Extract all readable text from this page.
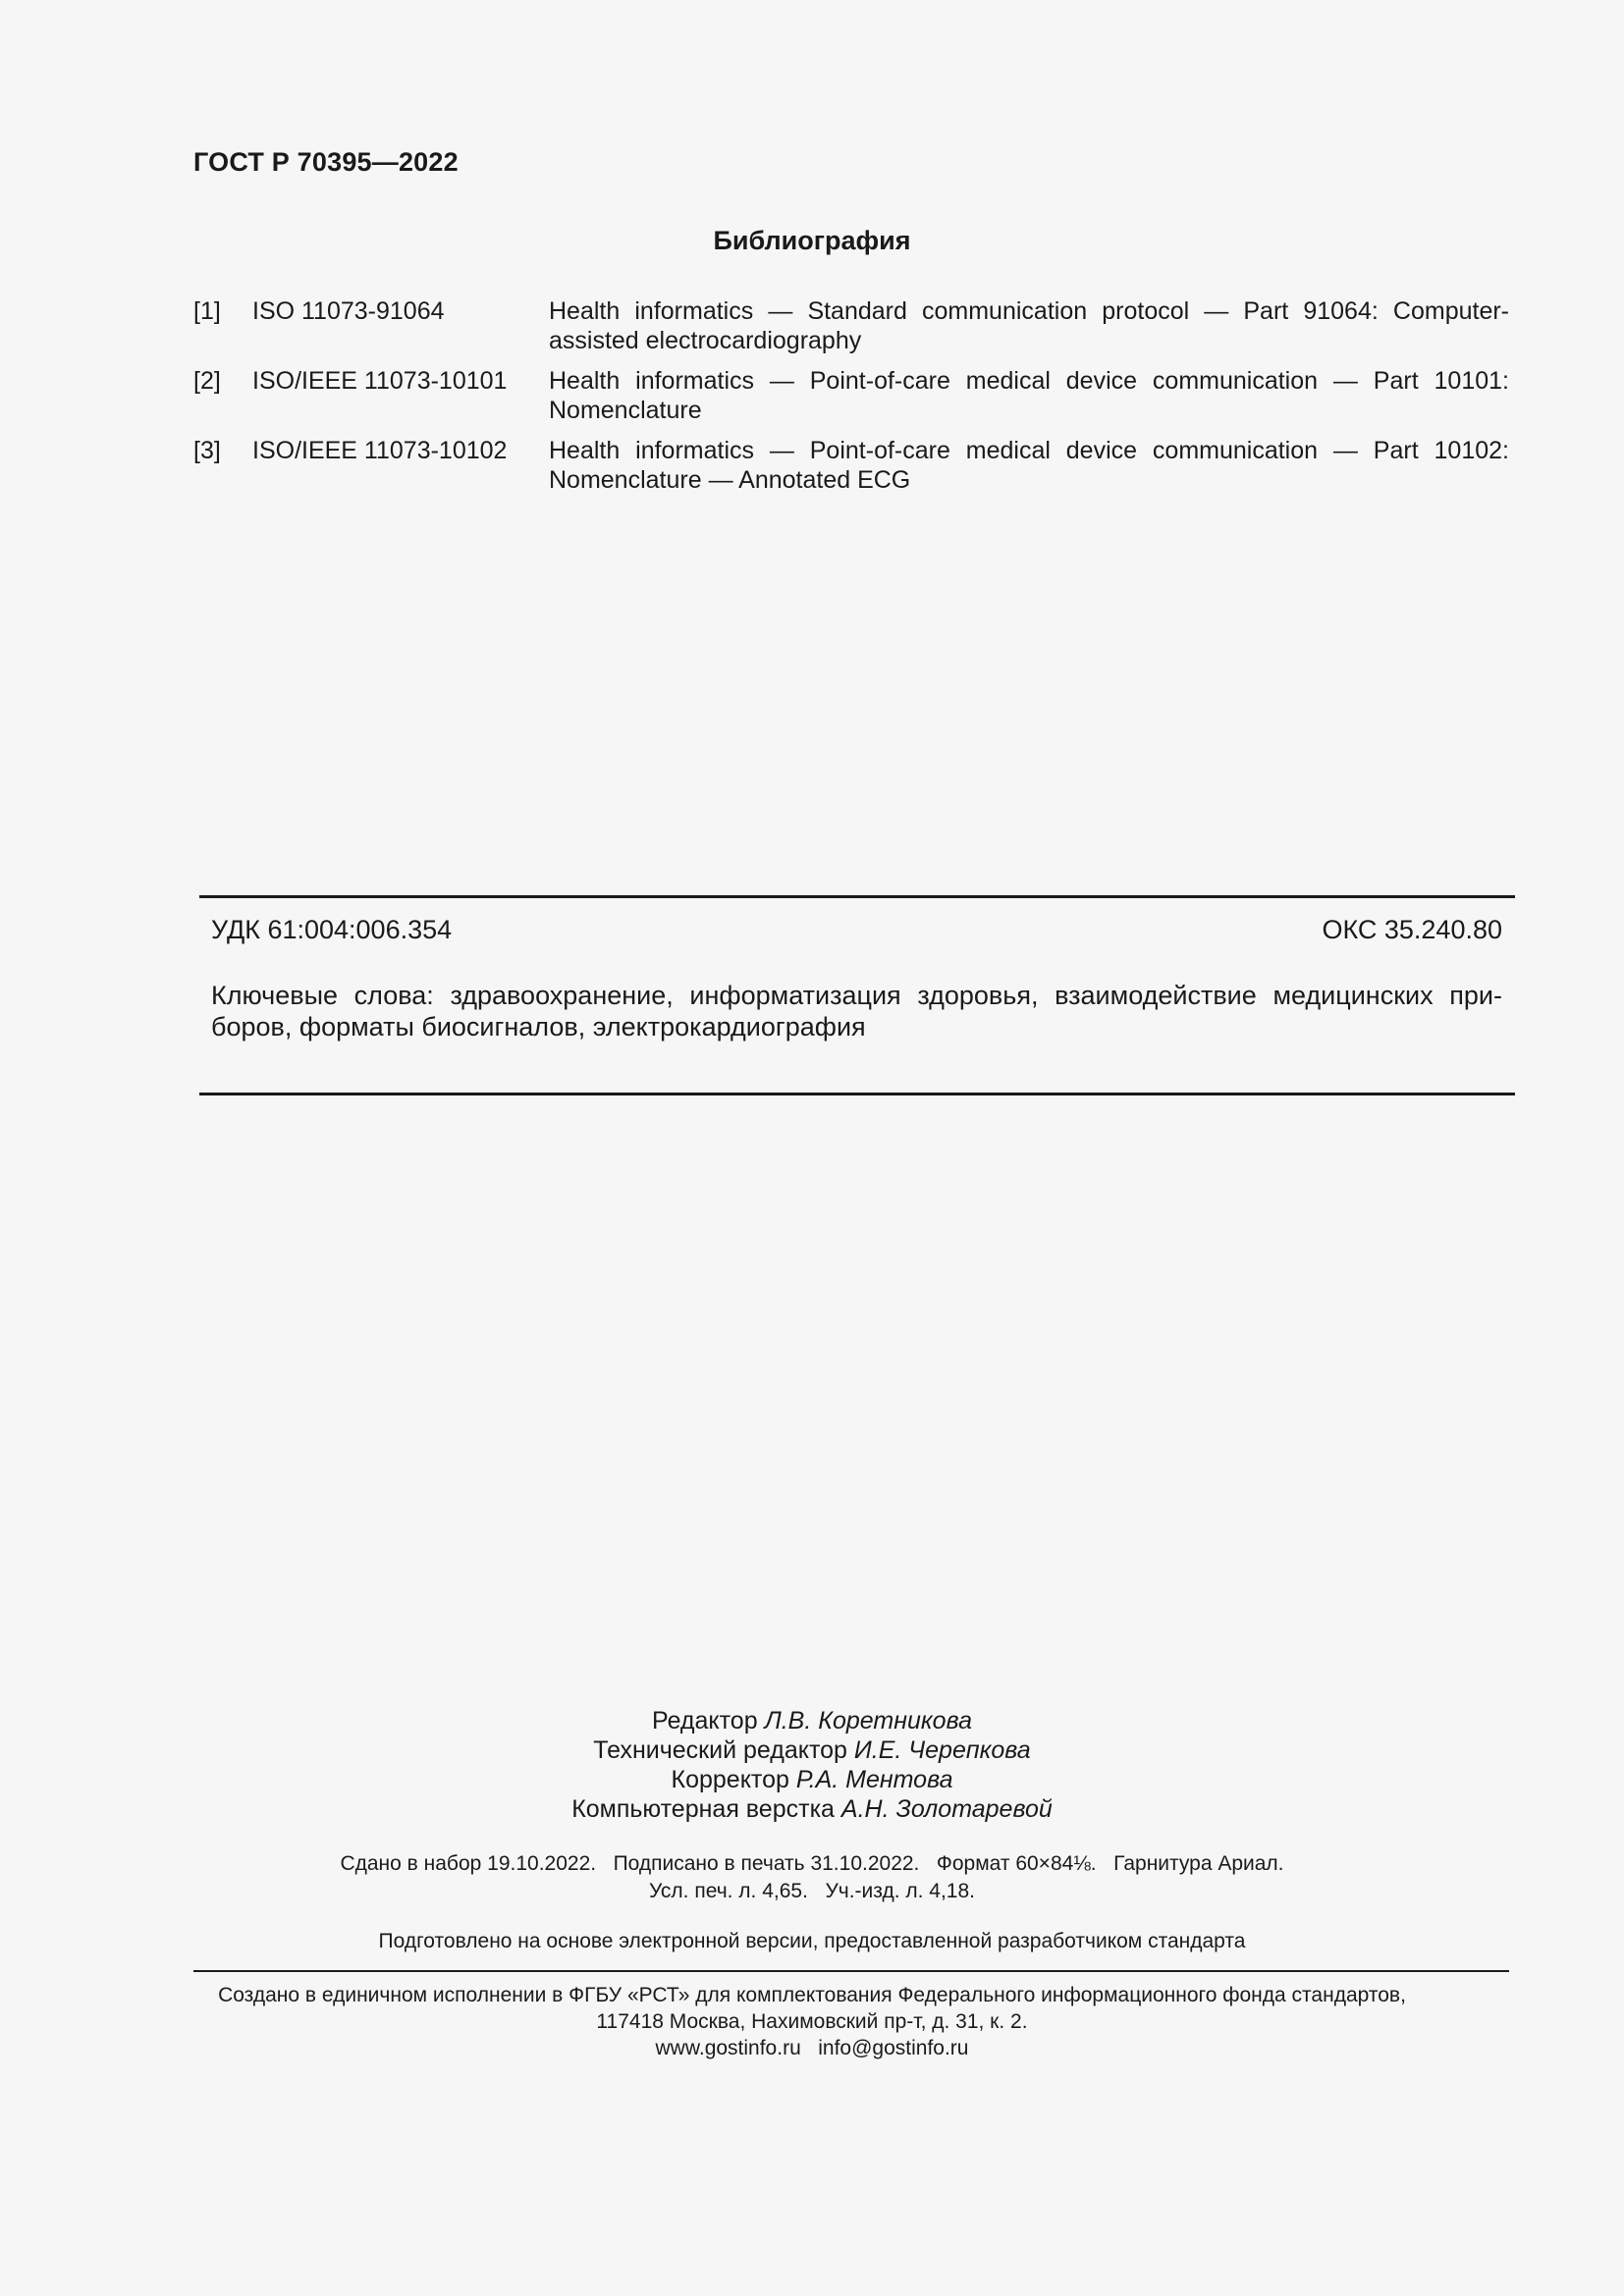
ГОСТ Р 70395—2022
Библиография
[1]	ISO 11073-91064	Health informatics — Standard communication protocol — Part 91064: Computer-assisted electrocardiography
[2]	ISO/IEEE 11073-10101	Health informatics — Point-of-care medical device communication — Part 10101: Nomenclature
[3]	ISO/IEEE 11073-10102	Health informatics — Point-of-care medical device communication — Part 10102: Nomenclature — Annotated ECG
УДК 61:004:006.354	ОКС 35.240.80
Ключевые слова: здравоохранение, информатизация здоровья, взаимодействие медицинских приборов, форматы биосигналов, электрокардиография
Редактор Л.В. Коретникова
Технический редактор И.Е. Черепкова
Корректор Р.А. Ментова
Компьютерная верстка А.Н. Золотаревой
Сдано в набор 19.10.2022.   Подписано в печать 31.10.2022.   Формат 60×84⅛.   Гарнитура Ариал.
Усл. печ. л. 4,65.   Уч.-изд. л. 4,18.
Подготовлено на основе электронной версии, предоставленной разработчиком стандарта
Создано в единичном исполнении в ФГБУ «РСТ» для комплектования Федерального информационного фонда стандартов,
117418 Москва, Нахимовский пр-т, д. 31, к. 2.
www.gostinfo.ru   info@gostinfo.ru
